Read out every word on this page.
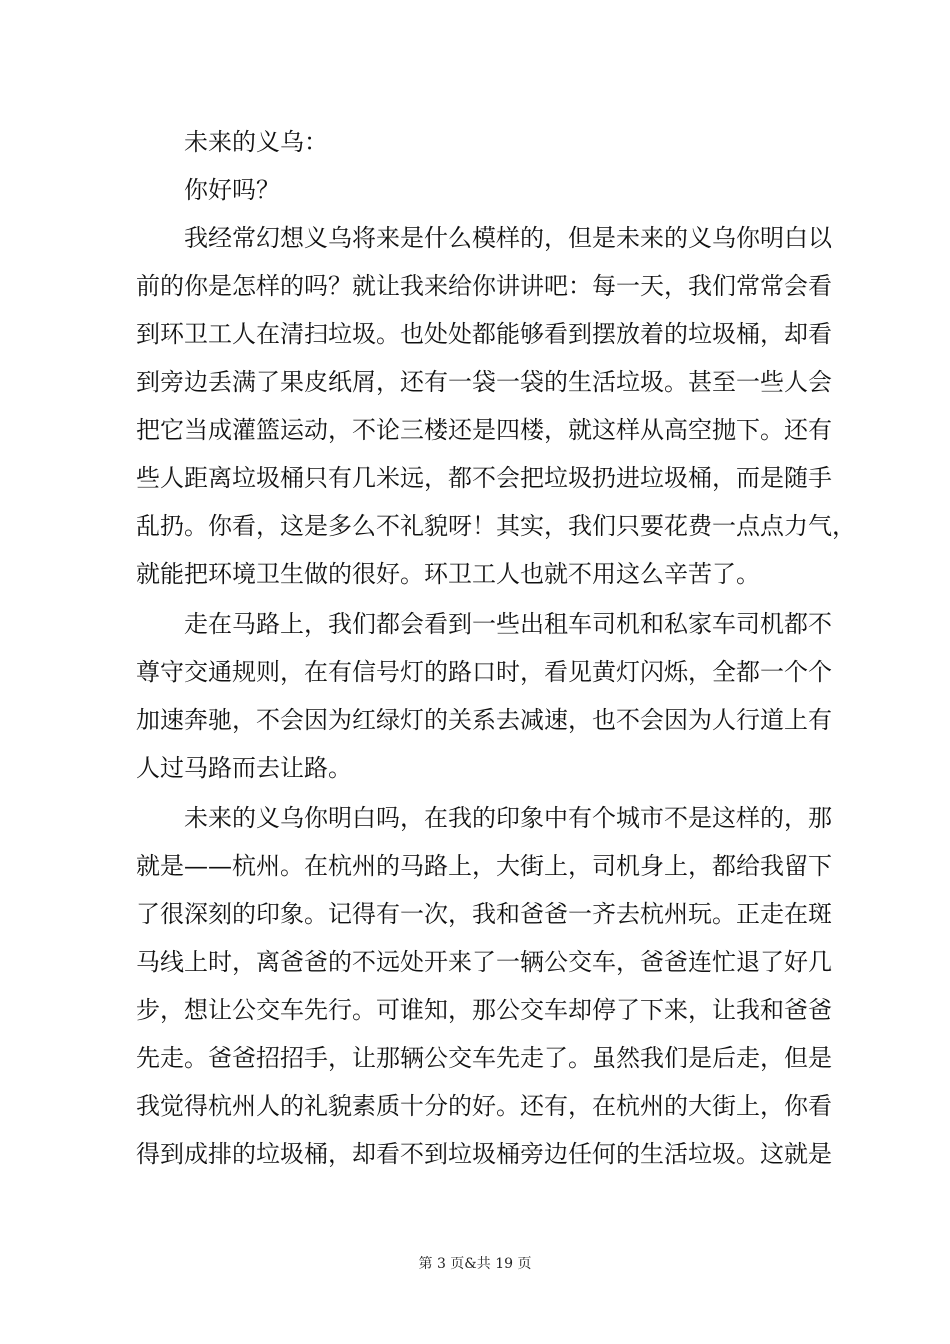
未来的义乌：
你好吗？
　　我经常幻想义乌将来是什么模样的，但是未来的义乌你明白以
前的你是怎样的吗？就让我来给你讲讲吧：每一天，我们常常会看
到环卫工人在清扫垃圾。也处处都能够看到摆放着的垃圾桶，却看
到旁边丢满了果皮纸屑，还有一袋一袋的生活垃圾。甚至一些人会
把它当成灌篮运动，不论三楼还是四楼，就这样从高空抛下。还有
些人距离垃圾桶只有几米远，都不会把垃圾扔进垃圾桶，而是随手
乱扔。你看，这是多么不礼貌呀！其实，我们只要花费一点点力气，
就能把环境卫生做的很好。环卫工人也就不用这么辛苦了。
　　走在马路上，我们都会看到一些出租车司机和私家车司机都不
尊守交通规则，在有信号灯的路口时，看见黄灯闪烁，全都一个个
加速奔驰，不会因为红绿灯的关系去减速，也不会因为人行道上有
人过马路而去让路。
　　未来的义乌你明白吗，在我的印象中有个城市不是这样的，那
就是——杭州。在杭州的马路上，大街上，司机身上，都给我留下
了很深刻的印象。记得有一次，我和爸爸一齐去杭州玩。正走在斑
马线上时，离爸爸的不远处开来了一辆公交车，爸爸连忙退了好几
步，想让公交车先行。可谁知，那公交车却停了下来，让我和爸爸
先走。爸爸招招手，让那辆公交车先走了。虽然我们是后走，但是
我觉得杭州人的礼貌素质十分的好。还有，在杭州的大街上，你看
得到成排的垃圾桶，却看不到垃圾桶旁边任何的生活垃圾。这就是
第 3 页&共 19 页
